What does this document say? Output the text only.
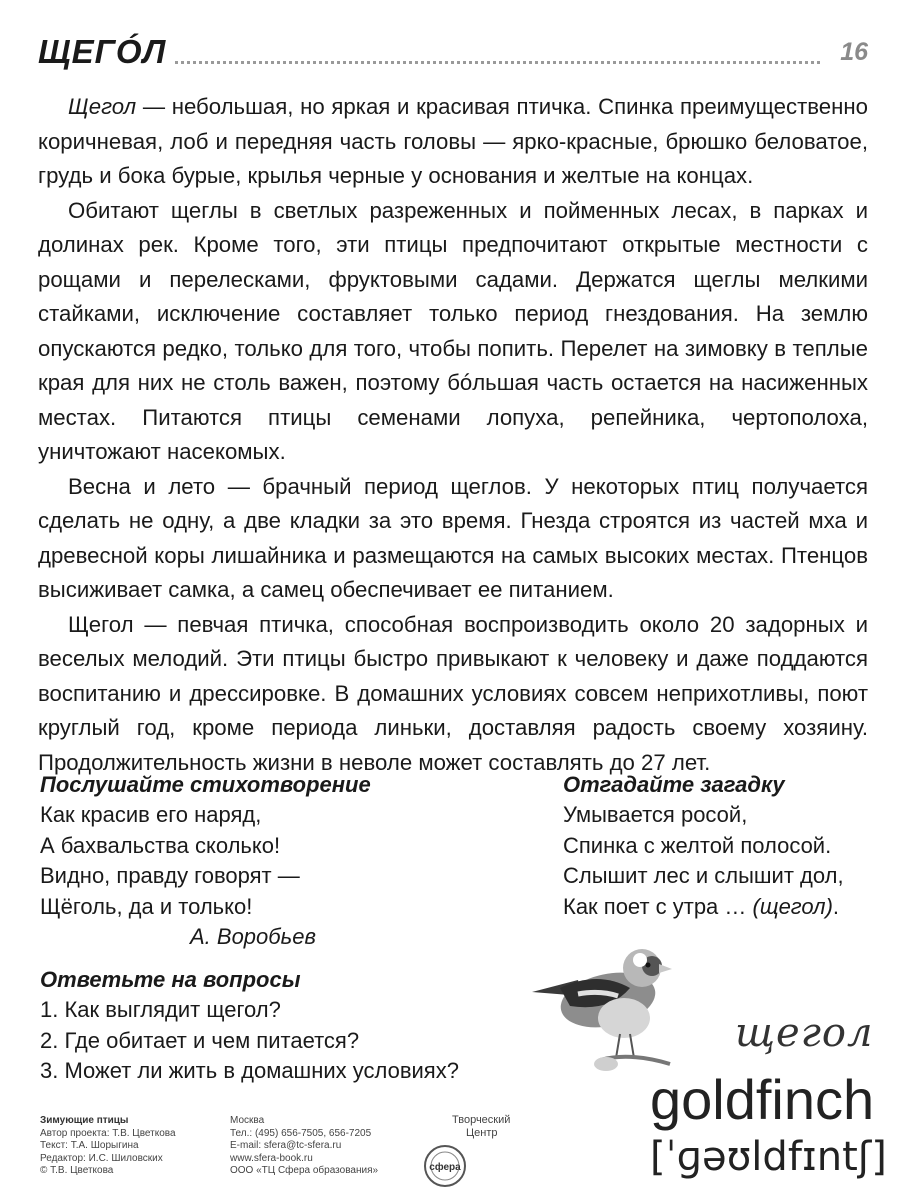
ЩЕГÓЛ	16

Щегол — небольшая, но яркая и красивая птичка. Спинка преимущественно коричневая, лоб и передняя часть головы — ярко-красные, брюшко беловатое, грудь и бока бурые, крылья черные у основания и желтые на концах.

Обитают щеглы в светлых разреженных и пойменных лесах, в парках и долинах рек. Кроме того, эти птицы предпочитают открытые местности с рощами и перелесками, фруктовыми садами. Держатся щеглы мелкими стайками, исключение составляет только период гнездования. На землю опускаются редко, только для того, чтобы попить. Перелет на зимовку в теплые края для них не столь важен, поэтому бóльшая часть остается на насиженных местах. Питаются птицы семенами лопуха, репейника, чертополоха, уничтожают насекомых.

Весна и лето — брачный период щеглов. У некоторых птиц получается сделать не одну, а две кладки за это время. Гнезда строятся из частей мха и древесной коры лишайника и размещаются на самых высоких местах. Птенцов высиживает самка, а самец обеспечивает ее питанием.

Щегол — певчая птичка, способная воспроизводить около 20 задорных и веселых мелодий. Эти птицы быстро привыкают к человеку и даже поддаются воспитанию и дрессировке. В домашних условиях совсем неприхотливы, поют круглый год, кроме периода линьки, доставляя радость своему хозяину. Продолжительность жизни в неволе может составлять до 27 лет.

Послушайте стихотворение
Как красив его наряд,
А бахвальства сколько!
Видно, правду говорят —
Щёголь, да и только!
А. Воробьев
Отгадайте загадку
Умывается росой,
Спинка с желтой полосой.
Слышит лес и слышит дол,
Как поет с утра … (щегол).
Ответьте на вопросы
1. Как выглядит щегол?
2. Где обитает и чем питается?
3. Может ли жить в домашних условиях?
щегол
goldfinch
[ˈɡəʊldfɪntʃ]
Зимующие птицы
Автор проекта: Т.В. Цветкова
Текст: Т.А. Шорыгина
Редактор: И.С. Шиловских
© Т.В. Цветкова
Москва
Тел.: (495) 656-7505, 656-7205
E-mail: sfera@tc-sfera.ru
www.sfera-book.ru
ООО «ТЦ Сфера образования»
Творческий
Центр
сфера
